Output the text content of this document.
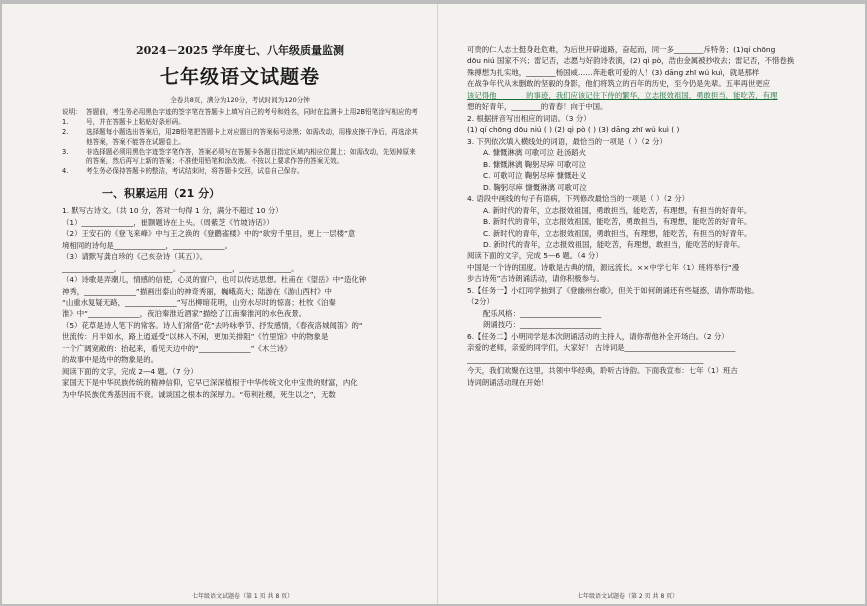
2024－2025 学年度七、八年级质量监测
七年级语文试题卷
全卷共8页，满分为120分，考试时间为120分钟
说明：1.
答题前，考生务必用黑色字迹的签字笔在答题卡上填写自己的考号和姓名，同时在监测卡上用2B铅笔涂写相应的考号，并在答题卡上粘贴好条形码。
2.	选择题每小题选出答案后，用2B铅笔把答题卡上对应题目的答案标号涂黑；如需改动，用橡皮擦干净后，再选涂其他答案，答案不能答在试题卷上。
3.	非选择题必须用黑色字迹签字笔作答，答案必须写在答题卡各题目指定区域内相应位置上；如需改动，先划掉原来的答案，然后再写上新的答案；不准使用铅笔和涂改液。不按以上要求作答的答案无效。
4.	考生务必保持答题卡的整洁，考试结束时，将答题卡交回，试卷自己保存。
一、积累运用（21 分）

1. 默写古诗文。（共 10 分，答对一句得 1 分，满分不超过 10 分）

（1）______________，崔颢题诗在上头。（周紫芝《竹坡诗话》）

（2）王安石的《登飞来峰》中与王之涣的《登鹳雀楼》中的“欲穷千里目，更上一层楼”意

境相同的诗句是______________，______________。

（3）请默写龚自珍的《己亥杂诗（其五）》。

______________，______________。______________，______________。

（4）诗歌是弄潮儿，情感的信使，心灵的窗户，也可以传达思想。杜甫在《望岳》中“造化钟

神秀，______________”描画出泰山的神奇秀丽，巍峨高大；陆游在《游山西村》中

“山重水复疑无路，______________”写出柳暗花明，山穷水尽时的惊喜；杜牧《泊秦

淮》中“______________，夜泊秦淮近酒家”描绘了江南秦淮河的水色夜景。

（5）花草是诗人笔下的常客。诗人们常借“花”去吟咏季节、抒发感情，《春夜洛城闻笛》的“

世流传：月半如水，路上逍遥受“以林入不闲，更加关排阻”《竹里馆》中的物象是

一个广阔宽敞的：抬起来，看见天边中的“______________”《木兰诗》

的故事中是选中的物象是的。

阅读下面的文字，完成 2—4 题。（7 分）

家国天下是中华民族传统的精神信仰，它早已深深植根于中华传统文化中宝贵的财富，内化

为中华民族优秀基因而不衰。诚谈国之根本的深厚力。“苟利社稷，死生以之”，无数

七年级语文试题卷（第 1 页 共 8 页）

可贵的仁人志士挺身赴危难，为后世开辟道路，奋起而，同一多________斥特务；(1)qí chōng

dōu niú 国家不兴；雷记否，志愿与好韵诗表演，(2) qì pò，浩由金属被抄收去；雷记否，不惜卷换

殊搏想为扎实地，________杨国威……奔赴歌可爱的人！(3) dāng zhī wú kuì，就是那样

在战争年代从未删敢的坚毅的身影，他们将筑立的百年的历史，至今仍是先辈。五率再世更应

该记得他________的事迹，我们应该记住下侍的繁华，立志报效祖国，勇敢担当，能吃苦，有理

想的好青年，________的青春！向于中国。

2. 根据拼音写出相应的词语。（3 分）

(1) qí chōng dōu niú ( ) (2) qì pò ( ) (3) dāng zhī wú kuì ( )

3. 下列依次填入横线处的词语，最恰当的一项是（ ）（2 分）

A. 慷慨淋漓 可歌可泣 赴汤蹈火

B. 慷慨淋漓 鞠躬尽瘁 可歌可泣

C. 可歌可泣 鞠躬尽瘁 慷慨赴义

D. 鞠躬尽瘁 慷慨淋漓 可歌可泣

4. 语段中画线的句子有语病，下列修改最恰当的一项是（ ）（2 分）

A. 新时代的青年，立志报效祖国，勇敢担当，能吃苦，有理想，有担当的好青年。

B. 新时代的青年，立志报效祖国，能吃苦，勇敢担当，有理想，能吃苦的好青年。

C. 新时代的青年，立志报效祖国，勇敢担当，有理想，能吃苦，有担当的好青年。

D. 新时代的青年，立志报效祖国，能吃苦，有理想，敢担当，能吃苦的好青年。

阅读下面的文字，完成 5—6 题。（4 分）

中国是一个诗的国度。诗歌是古典的情，源远流长。××中学七年（1）班将举行“漫

步古诗苑”古诗朗诵活动，请你积极参与。

5.【任务一】小红同学抽到了《登幽州台歌》，但关于如何朗诵还有些疑惑，请你帮助他。

（2分）

配乐风格：______________________

朗诵技巧：______________________

6.【任务二】小明同学是本次朗诵活动的主持人，请你帮他补全开场白。（2 分）

亲爱的老师，亲爱的同学们，大家好！ 古诗词是______________________________

________________________________________________________________

今天，我们欢聚在这里，共领中华经典，聆听古诗韵。下面我宣布：七年（1）班古

诗词朗诵活动现在开始！

七年级语文试题卷（第 2 页 共 8 页）
